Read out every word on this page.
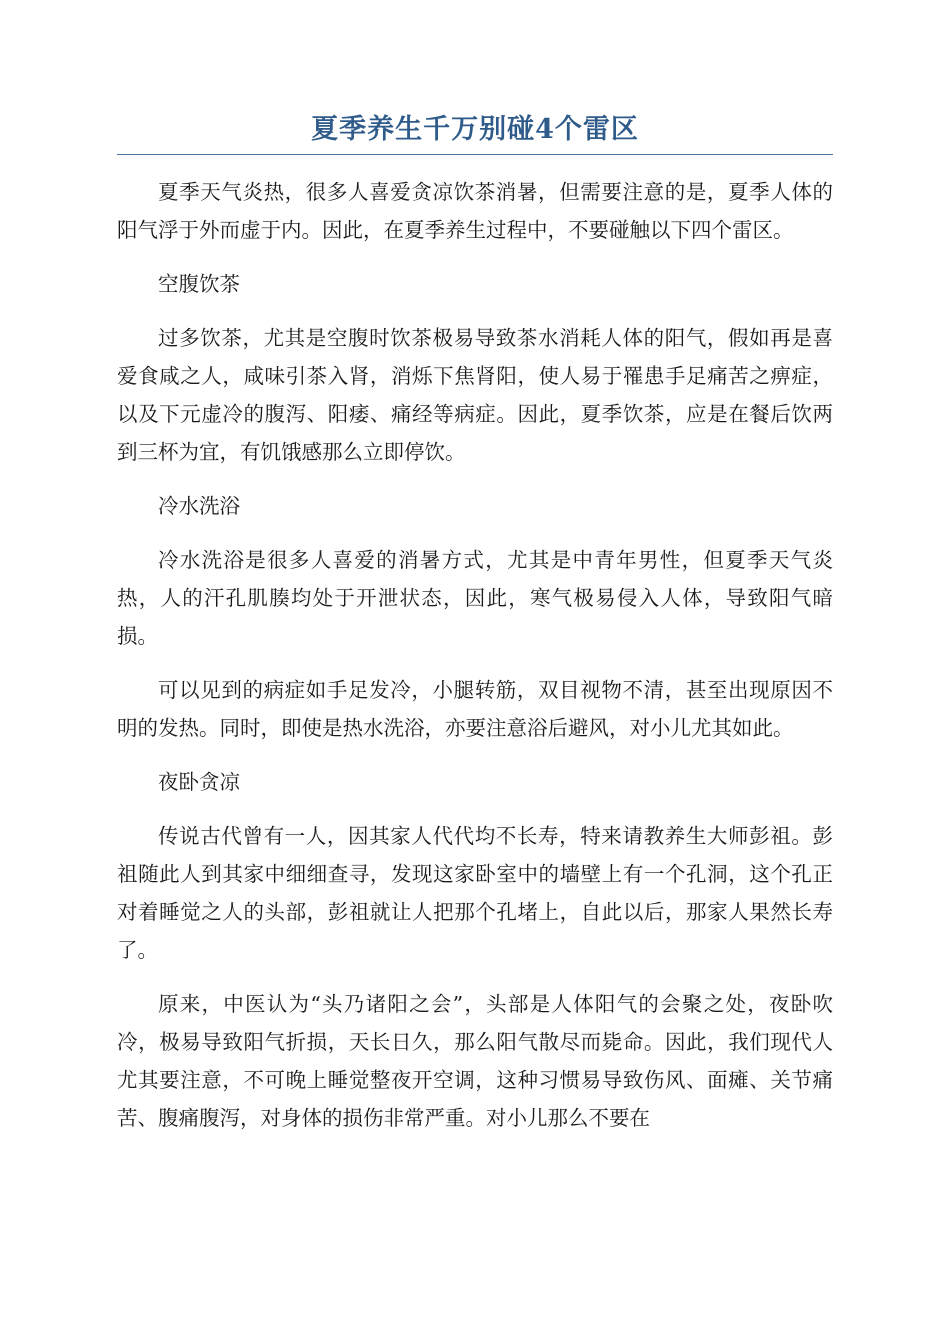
夏季养生千万别碰4个雷区

夏季天气炎热，很多人喜爱贪凉饮茶消暑，但需要注意的是，夏季人体的阳气浮于外而虚于内。因此，在夏季养生过程中，不要碰触以下四个雷区。

空腹饮茶

过多饮茶，尤其是空腹时饮茶极易导致茶水消耗人体的阳气，假如再是喜爱食咸之人，咸味引茶入肾，消烁下焦肾阳，使人易于罹患手足痛苦之痹症，以及下元虚冷的腹泻、阳痿、痛经等病症。因此，夏季饮茶，应是在餐后饮两到三杯为宜，有饥饿感那么立即停饮。

冷水洗浴

冷水洗浴是很多人喜爱的消暑方式，尤其是中青年男性，但夏季天气炎热，人的汗孔肌腠均处于开泄状态，因此，寒气极易侵入人体，导致阳气暗损。

可以见到的病症如手足发冷，小腿转筋，双目视物不清，甚至出现原因不明的发热。同时，即使是热水洗浴，亦要注意浴后避风，对小儿尤其如此。

夜卧贪凉

传说古代曾有一人，因其家人代代均不长寿，特来请教养生大师彭祖。彭祖随此人到其家中细细查寻，发现这家卧室中的墙壁上有一个孔洞，这个孔正对着睡觉之人的头部，彭祖就让人把那个孔堵上，自此以后，那家人果然长寿了。

原来，中医认为“头乃诸阳之会”，头部是人体阳气的会聚之处，夜卧吹冷，极易导致阳气折损，天长日久，那么阳气散尽而毙命。因此，我们现代人尤其要注意，不可晚上睡觉整夜开空调，这种习惯易导致伤风、面瘫、关节痛苦、腹痛腹泻，对身体的损伤非常严重。对小儿那么不要在
